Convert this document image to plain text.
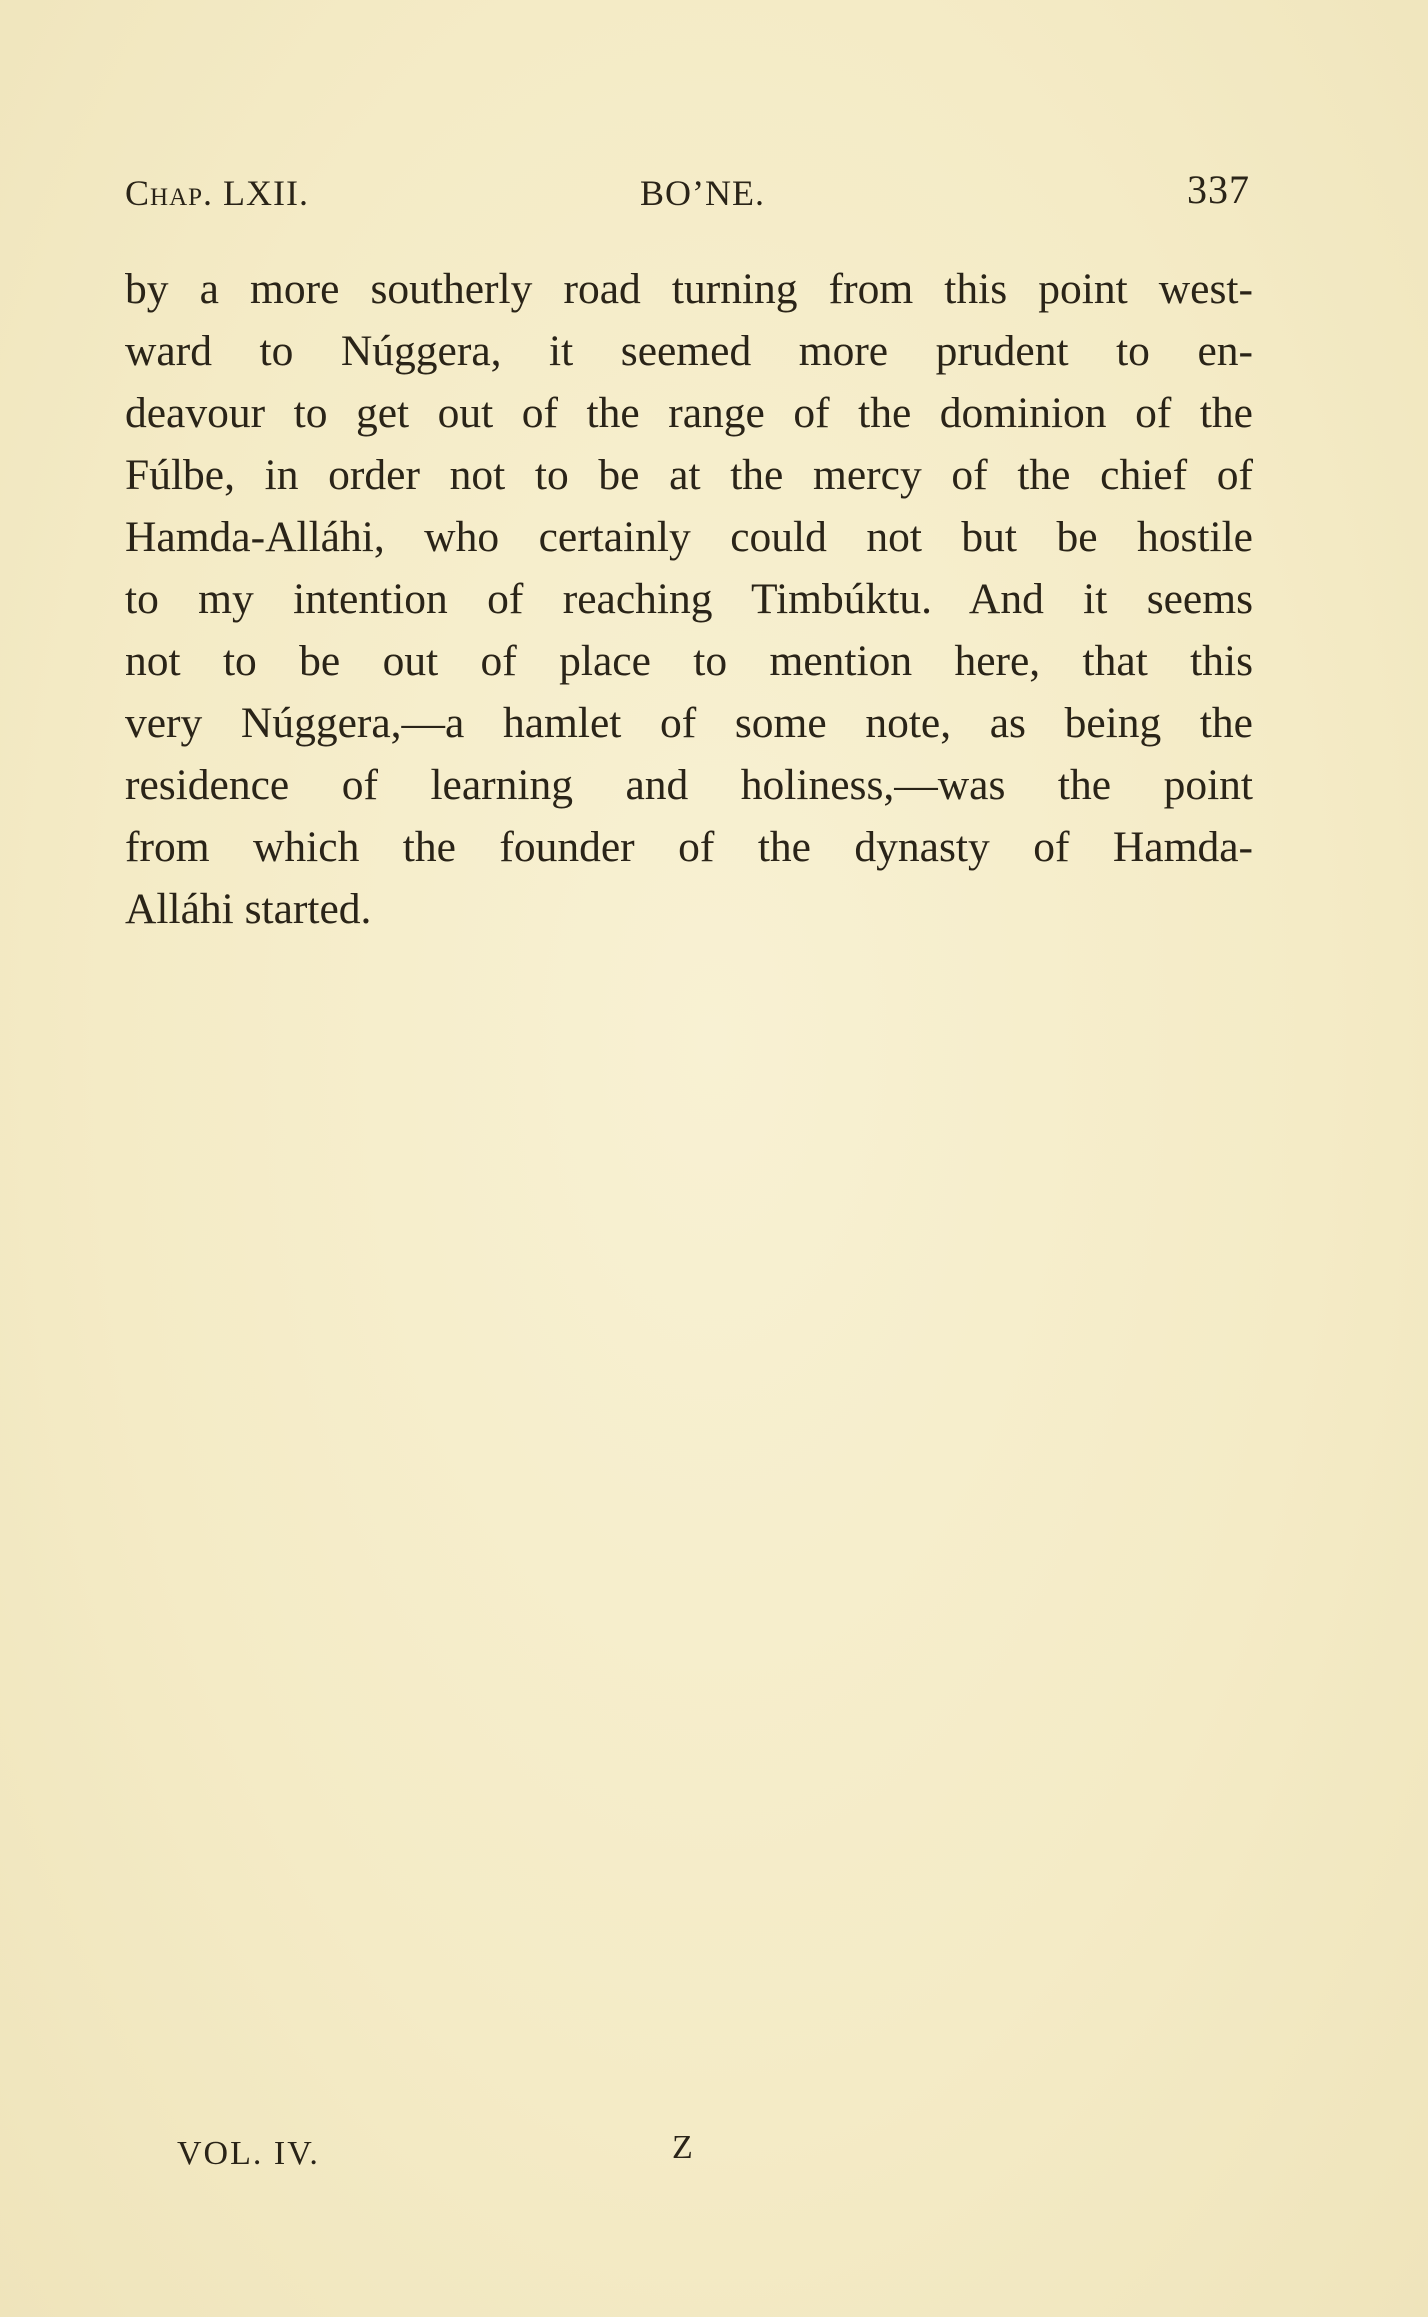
Chap. LXII.	BO’NE.	337
by a more southerly road turning from this point west-
ward to Núggera, it seemed more prudent to en-
deavour to get out of the range of the dominion of the
Fúlbe, in order not to be at the mercy of the chief of
Hamda-Alláhi, who certainly could not but be hostile
to my intention of reaching Timbúktu. And it seems
not to be out of place to mention here, that this
very Núggera,—a hamlet of some note, as being the
residence of learning and holiness,—was the point
from which the founder of the dynasty of Hamda-
Alláhi started.
VOL. IV.	Z
